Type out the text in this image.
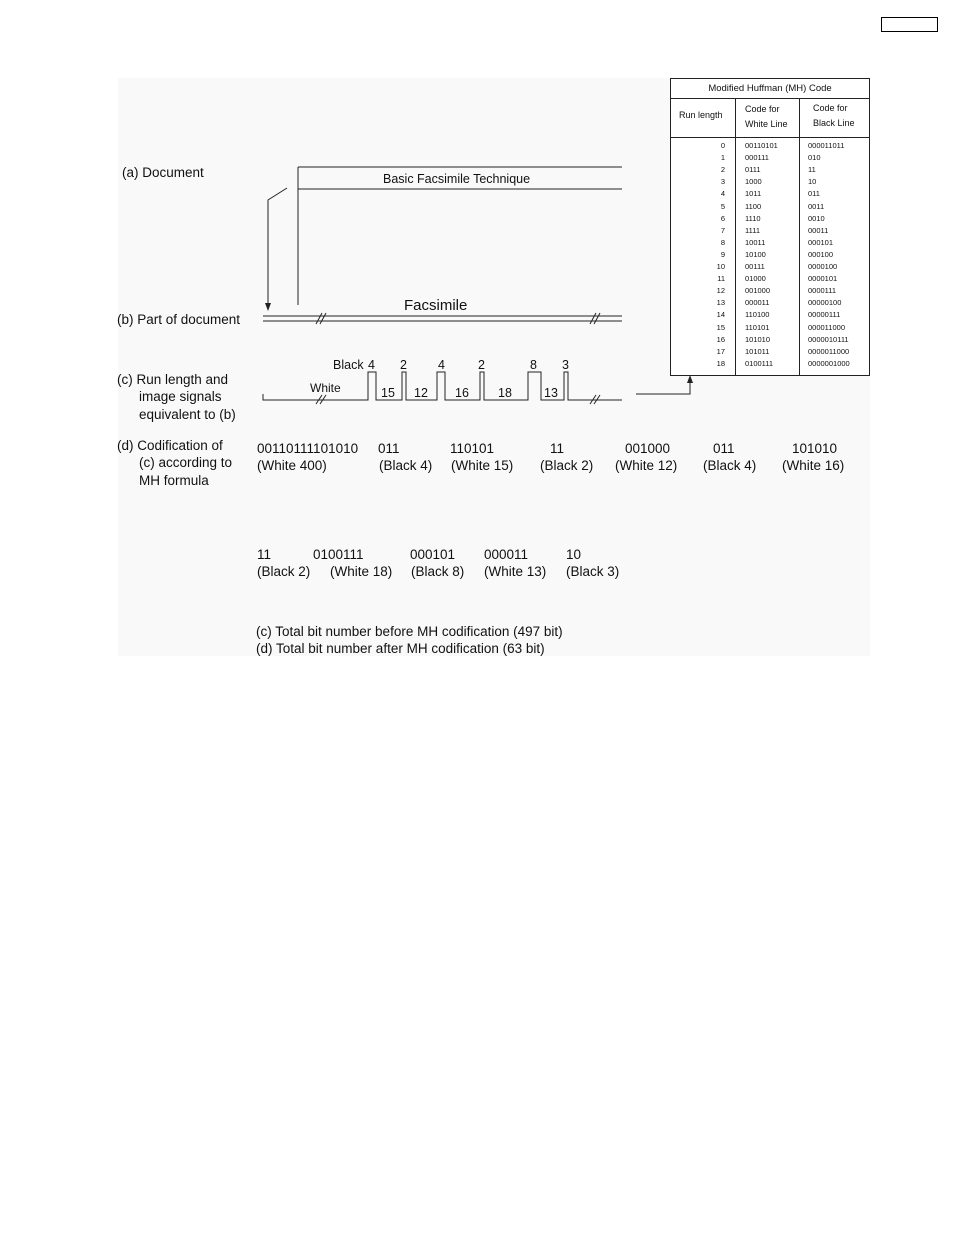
(a) Document
(b) Part of document
(c) Run length and
image signals
equivalent to (b)
(d) Codification of
(c) according to
MH formula
Basic Facsimile Technique
Facsimile
Black
White
4 2 4	2	8 3
15 12 16 18	13
00110111101010
(White 400)
011
(Black 4)
110101
(White 15)
11
(Black 2)
001000
(White 12)
011
(Black 4)
101010
(White 16)
11
(Black 2)
0100111
(White 18)
000101
(Black 8)
000011
(White 13)
10
(Black 3)
(c) Total bit number before MH codification (497 bit)
(d) Total bit number after MH codification (63 bit)
Modified Huffman (MH) Code
Run length
Code for
White Line
Code for
Black Line
0	00110101	000011011
1	000111	010
2	0111	11
3	1000	10
4	1011	011
5	1100	0011
6	1110	0010
7	1111	00011
8	10011	000101
9	10100	000100
10	00111	0000100
11	01000	0000101
12	001000	0000111
13	000011	00000100
14	110100	00000111
15	110101	000011000
16	101010	0000010111
17	101011	0000011000
18	0100111	0000001000
